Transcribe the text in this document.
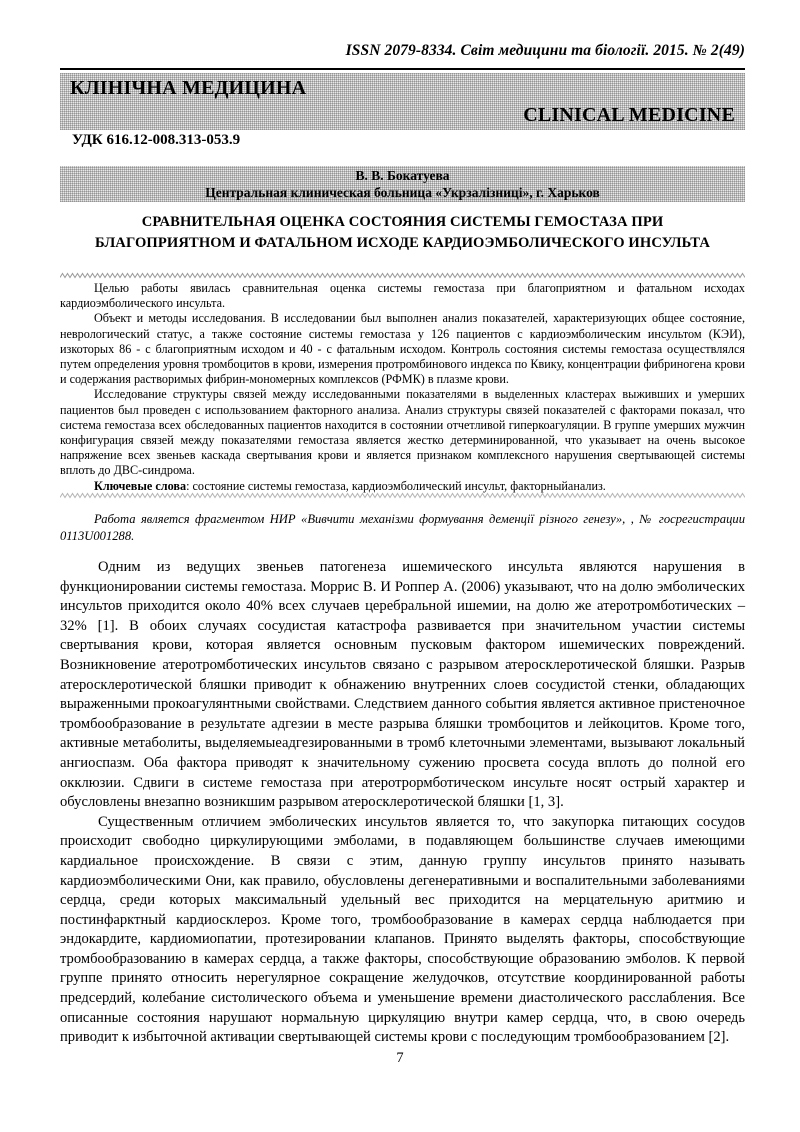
ISSN 2079-8334. Світ медицини та біології. 2015. № 2(49)
КЛІНІЧНА МЕДИЦИНА
CLINICAL MEDICINE
УДК 616.12-008.313-053.9
В. В. Бокатуева
Центральная клиническая больница «Укрзалізниці», г. Харьков
СРАВНИТЕЛЬНАЯ ОЦЕНКА СОСТОЯНИЯ СИСТЕМЫ ГЕМОСТАЗА ПРИ БЛАГОПРИЯТНОМ И ФАТАЛЬНОМ ИСХОДЕ КАРДИОЭМБОЛИЧЕСКОГО ИНСУЛЬТА

Целью работы явилась сравнительная оценка системы гемостаза при благоприятном и фатальном исходах кардиоэмболического инсульта.

Объект и методы исследования. В исследовании был выполнен анализ показателей, характеризующих общее состояние, неврологический статус, а также состояние системы гемостаза у 126 пациентов с кардиоэмболическим инсультом (КЭИ), изкоторых 86 - с благоприятным исходом и 40 - с фатальным исходом. Контроль состояния системы гемостаза осуществлялся путем определения уровня тромбоцитов в крови, измерения протромбинового индекса по Квику, концентрации фибриногена крови и содержания растворимых фибрин-мономерных комплексов (РФМК) в плазме крови.

Исследование структуры связей между исследованными показателями в выделенных кластерах выживших и умерших пациентов был проведен с использованием факторного анализа. Анализ структуры связей показателей с факторами показал, что система гемостаза всех обследованных пациентов находится в состоянии отчетливой гиперкоагуляции. В группе умерших мужчин конфигурация связей между показателями гемостаза является жестко детерминированной, что указывает на очень высокое напряжение всех звеньев каскада свертывания крови и является признаком комплексного нарушения свертывающей системы вплоть до ДВС-синдрома.

Ключевые слова: состояние системы гемостаза, кардиоэмболический инсульт, факторныйанализ.

Работа является фрагментом НИР «Вивчити механізми формування деменції різного генезу», , № госрегистрации 0113U001288.

Одним из ведущих звеньев патогенеза ишемического инсульта являются нарушения в функционировании системы гемостаза. Моррис В. И Роппер А. (2006) указывают, что на долю эмболических инсультов приходится около 40% всех случаев церебральной ишемии, на долю же атеротромботических – 32% [1]. В обоих случаях сосудистая катастрофа развивается при значительном участии системы свертывания крови, которая является основным пусковым фактором ишемических повреждений. Возникновение атеротромботических инсультов связано с разрывом атеросклеротической бляшки. Разрыв атеросклеротической бляшки приводит к обнажению внутренних слоев сосудистой стенки, обладающих выраженными прокоагулянтными свойствами. Следствием данного события является активное пристеночное тромбообразование в результате адгезии в месте разрыва бляшки тромбоцитов и лейкоцитов. Кроме того, активные метаболиты, выделяемыеадгезированными в тромб клеточными элементами, вызывают локальный ангиоспазм. Оба фактора приводят к значительному сужению просвета сосуда вплоть до полной его окклюзии. Сдвиги в системе гемостаза при атеротрормботическом инсульте носят острый характер и обусловлены внезапно возникшим разрывом атеросклеротической бляшки [1, 3].

Существенным отличием эмболических инсультов является то, что закупорка питающих сосудов происходит свободно циркулирующими эмболами, в подавляющем большинстве случаев имеющими кардиальное происхождение. В связи с этим, данную группу инсультов принято называть кардиоэмболическими Они, как правило, обусловлены дегенеративными и воспалительными заболеваниями сердца, среди которых максимальный удельный вес приходится на мерцательную аритмию и постинфарктный кардиосклероз. Кроме того, тромбообразование в камерах сердца наблюдается при эндокардите, кардиомиопатии, протезировании клапанов. Принято выделять факторы, способствующие тромбообразованию в камерах сердца, а также факторы, способствующие образованию эмболов. К первой группе принято относить нерегулярное сокращение желудочков, отсутствие координированной работы предсердий, колебание систолического объема и уменьшение времени диастолического расслабления. Все описанные состояния нарушают нормальную циркуляцию внутри камер сердца, что, в свою очередь приводит к избыточной активации свертывающей системы крови с последующим тромбообразованием [2].

7
